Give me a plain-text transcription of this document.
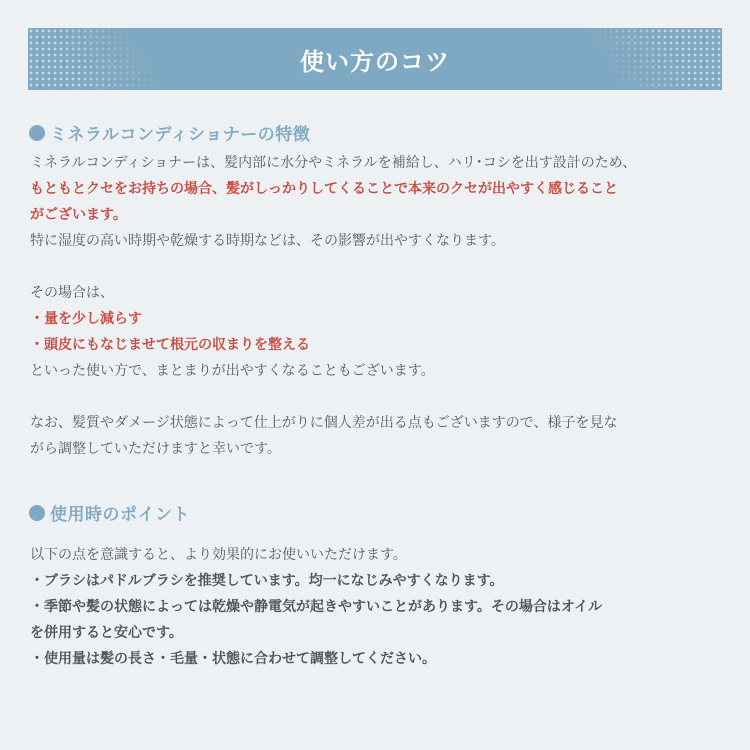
使い方のコツ
ミネラルコンディショナーの特徴
ミネラルコンディショナーは、髪内部に水分やミネラルを補給し、ハリ･コシを出す設計のため、
もともとクセをお持ちの場合、髪がしっかりしてくることで本来のクセが出やすく感じること
がございます。
特に湿度の高い時期や乾燥する時期などは、その影響が出やすくなります。
その場合は、
・量を少し減らす
・頭皮にもなじませて根元の収まりを整える
といった使い方で、まとまりが出やすくなることもございます。
なお、髪質やダメージ状態によって仕上がりに個人差が出る点もございますので、様子を見な
がら調整していただけますと幸いです。
使用時のポイント
以下の点を意識すると、より効果的にお使いいただけます。
・ブラシはパドルブラシを推奨しています。均一になじみやすくなります。
・季節や髪の状態によっては乾燥や静電気が起きやすいことがあります。その場合はオイル
を併用すると安心です。
・使用量は髪の長さ・毛量・状態に合わせて調整してください。
